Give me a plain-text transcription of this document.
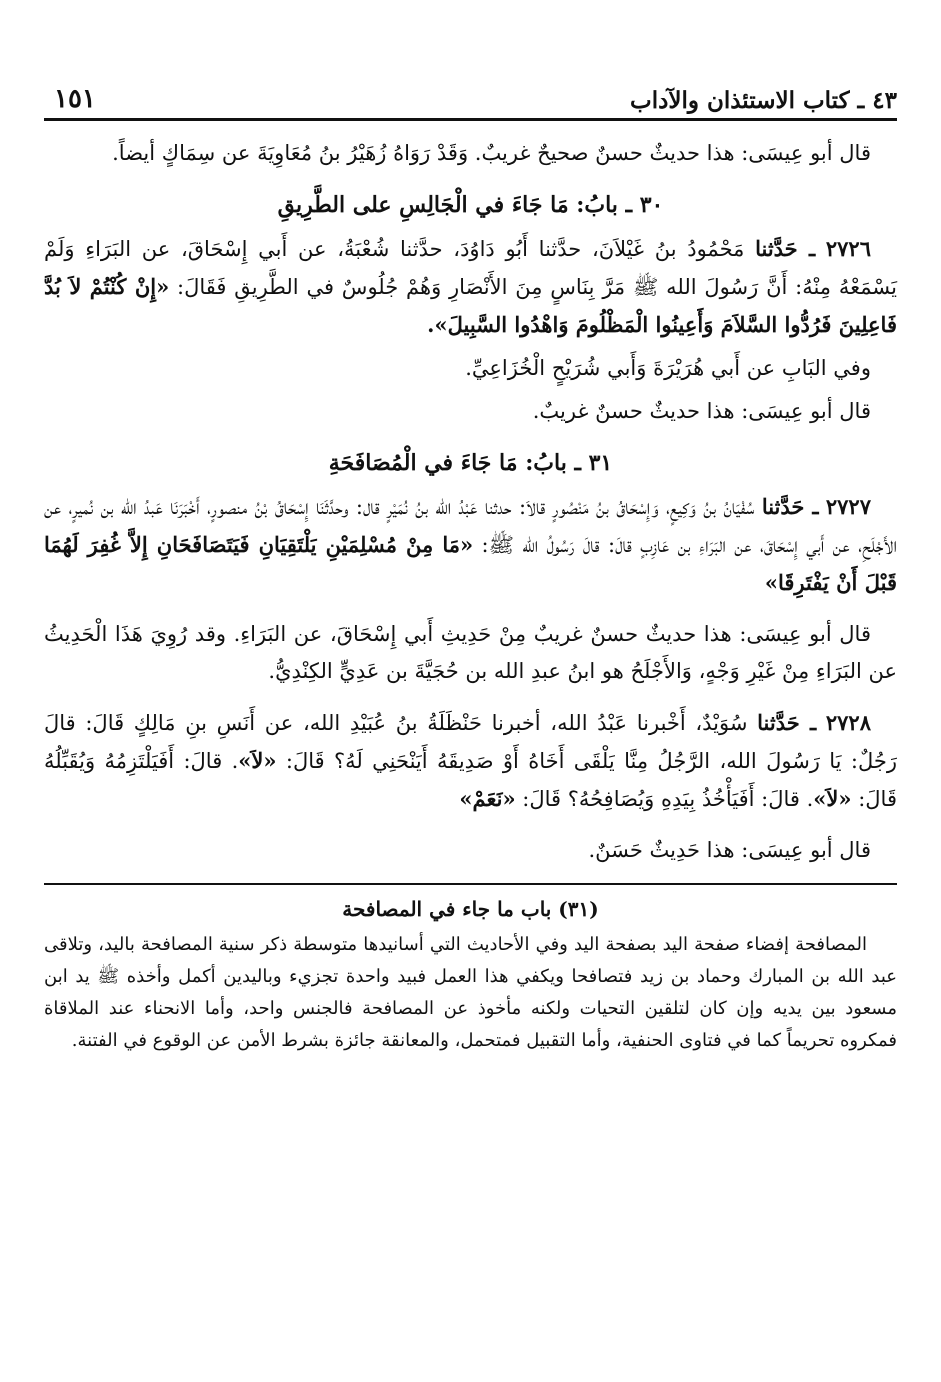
٤٣ ـ كتاب الاستئذان والآداب
١٥١

قال أبو عِيسَى: هذا حديثٌ حسنٌ صحيحٌ غريبٌ. وَقَدْ رَوَاهُ زُهَيْرُ بنُ مُعَاوِيَةَ عن سِمَاكٍ أيضاً.

٣٠ ـ بابُ: مَا جَاءَ في الْجَالِسِ على الطَّرِيقِ

٢٧٢٦ ـ حَدَّثنا مَحْمُودُ بنُ غَيْلاَنَ، حدَّثنا أَبُو دَاوُدَ، حدَّثنا شُعْبَةُ، عن أَبي إِسْحَاقَ، عن البَرَاءِ وَلَمْ يَسْمَعْهُ مِنْهُ: أَنَّ رَسُولَ الله ﷺ مَرَّ بِنَاسٍ مِنَ الأَنْصَارِ وَهُمْ جُلُوسٌ في الطَّرِيقِ فَقَالَ: «إِنْ كُنْتُمْ لاَ بُدَّ فَاعِلِينَ فَرُدُّوا السَّلاَمَ وَأَعِينُوا الْمَظْلُومَ وَاهْدُوا السَّبِيلَ».

وفي البَابِ عن أَبي هُرَيْرَةَ وَأَبي شُرَيْحٍ الْخُزَاعِيِّ.

قال أبو عِيسَى: هذا حديثٌ حسنٌ غريبٌ.

٣١ ـ بابُ: مَا جَاءَ في الْمُصَافَحَةِ

٢٧٢٧ ـ حَدَّثنا سُفْيَانُ بنُ وَكِيعٍ، وَإِسْحَاقُ بنُ مَنْصُورٍ قالاَ: حدثنا عَبْدُ الله بنُ نُمَيْرٍ قال: وحدَّثَنَا إِسْحَاقُ بْنُ منصورٍ، أَخْبَرَنَا عَبدُ الله بن نُميرٍ، عن الأَجْلَحِ، عن أَبي إِسْحَاقَ، عن البَرَاءِ بن عَازِبٍ قالَ: قالَ رَسُولُ الله ﷺ: «مَا مِنْ مُسْلِمَيْنِ يَلْتَقِيَانِ فَيَتَصَافَحَانِ إِلاَّ غُفِرَ لَهُمَا قَبْلَ أَنْ يَفْتَرِقَا»

قال أبو عِيسَى: هذا حديثٌ حسنٌ غريبٌ مِنْ حَدِيثِ أَبي إِسْحَاقَ، عن البَرَاءِ. وقد رُوِيَ هَذَا الْحَدِيثُ عن البَرَاءِ مِنْ غَيْرِ وَجْهٍ، وَالأَجْلَحُ هو ابنُ عبدِ الله بن حُجَيَّةَ بن عَدِيٍّ الكِنْدِيُّ.

٢٧٢٨ ـ حَدَّثنا سُوَيْدٌ، أَخْبرنا عَبْدُ الله، أخبرنا حَنْظَلَةُ بنُ عُبَيْدِ الله، عن أَنَسِ بنِ مَالِكٍ قَالَ: قالَ رَجُلٌ: يَا رَسُولَ الله، الرَّجُلُ مِنَّا يَلْقَى أَخَاهُ أَوْ صَدِيقَهُ أَيَنْحَنِي لَهُ؟ قَالَ: «لاَ». قالَ: أَفَيَلْتَزِمُهُ وَيُقَبِّلُهُ قَالَ: «لاَ». قالَ: أَفَيَأْخُذُ بِيَدِهِ وَيُصَافِحُهُ؟ قَالَ: «نَعَمْ»

قال أبو عِيسَى: هذا حَدِيثٌ حَسَنٌ.

(٣١) باب ما جاء في المصافحة

المصافحة إفضاء صفحة اليد بصفحة اليد وفي الأحاديث التي أسانيدها متوسطة ذكر سنية المصافحة باليد، وتلاقى عبد الله بن المبارك وحماد بن زيد فتصافحا ويكفي هذا العمل فبيد واحدة تجزيء وباليدين أكمل وأخذه ﷺ يد ابن مسعود بين يديه وإن كان لتلقين التحيات ولكنه مأخوذ عن المصافحة فالجنس واحد، وأما الانحناء عند الملاقاة فمكروه تحريماً كما في فتاوى الحنفية، وأما التقبيل فمتحمل، والمعانقة جائزة بشرط الأمن عن الوقوع في الفتنة.
